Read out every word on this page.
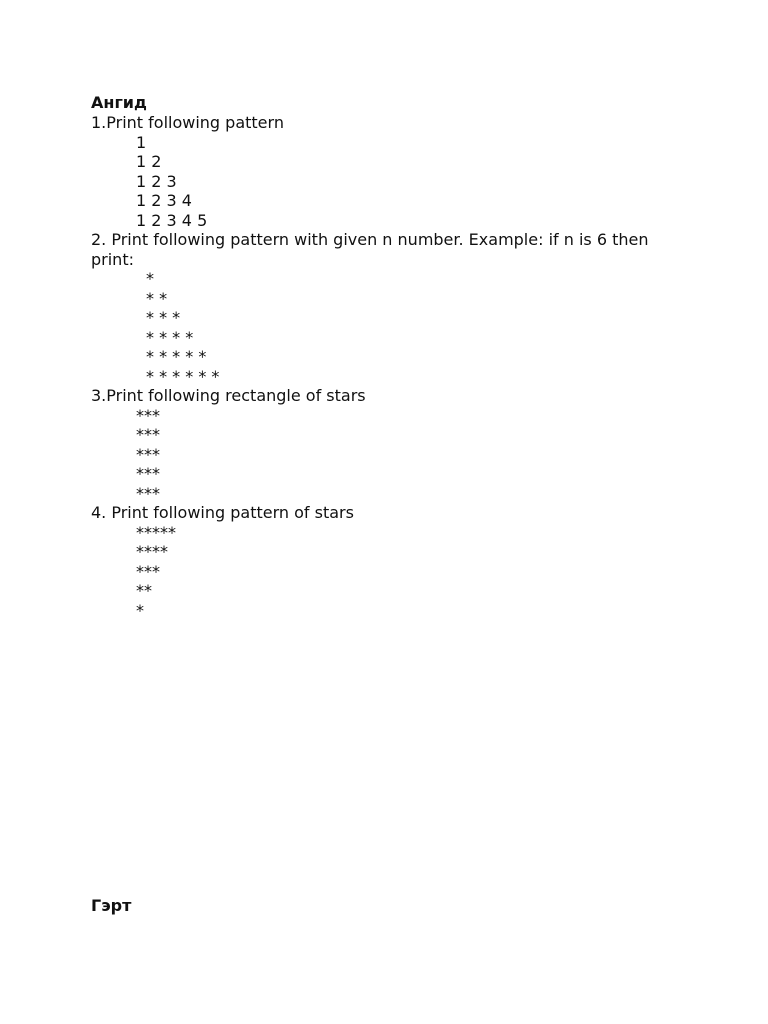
Ангид
1.Print following pattern
1
1 2
1 2 3
1 2 3 4
1 2 3 4 5
2. Print following pattern with given n number. Example: if n is 6 then print:
*
* *
* * *
* * * *
* * * * *
* * * * * *
3.Print following rectangle of stars
***
***
***
***
***
4. Print following pattern of stars
*****
****
***
**
*
Гэрт
